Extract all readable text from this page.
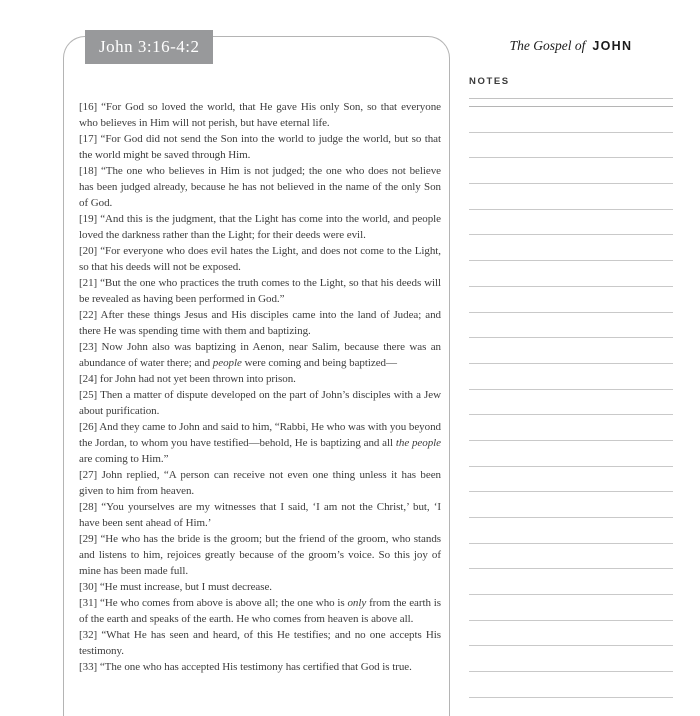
John 3:16-4:2

[16] “For God so loved the world, that He gave His only Son, so that everyone who believes in Him will not perish, but have eternal life.

[17] “For God did not send the Son into the world to judge the world, but so that the world might be saved through Him.

[18] “The one who believes in Him is not judged; the one who does not believe has been judged already, because he has not believed in the name of the only Son of God.

[19] “And this is the judgment, that the Light has come into the world, and people loved the darkness rather than the Light; for their deeds were evil.

[20] “For everyone who does evil hates the Light, and does not come to the Light, so that his deeds will not be exposed.

[21] “But the one who practices the truth comes to the Light, so that his deeds will be revealed as having been performed in God.”

[22] After these things Jesus and His disciples came into the land of Judea; and there He was spending time with them and baptizing.

[23] Now John also was baptizing in Aenon, near Salim, because there was an abundance of water there; and people were coming and being baptized—

[24] for John had not yet been thrown into prison.

[25] Then a matter of dispute developed on the part of John’s disciples with a Jew about purification.

[26] And they came to John and said to him, “Rabbi, He who was with you beyond the Jordan, to whom you have testified—behold, He is baptizing and all the people are coming to Him.”

[27] John replied, “A person can receive not even one thing unless it has been given to him from heaven.

[28] “You yourselves are my witnesses that I said, ‘I am not the Christ,’ but, ‘I have been sent ahead of Him.’

[29] “He who has the bride is the groom; but the friend of the groom, who stands and listens to him, rejoices greatly because of the groom’s voice. So this joy of mine has been made full.

[30] “He must increase, but I must decrease.

[31] “He who comes from above is above all; the one who is only from the earth is of the earth and speaks of the earth. He who comes from heaven is above all.

[32] “What He has seen and heard, of this He testifies; and no one accepts His testimony.

[33] “The one who has accepted His testimony has certified that God is true.

The Gospel of JOHN
NOTES
